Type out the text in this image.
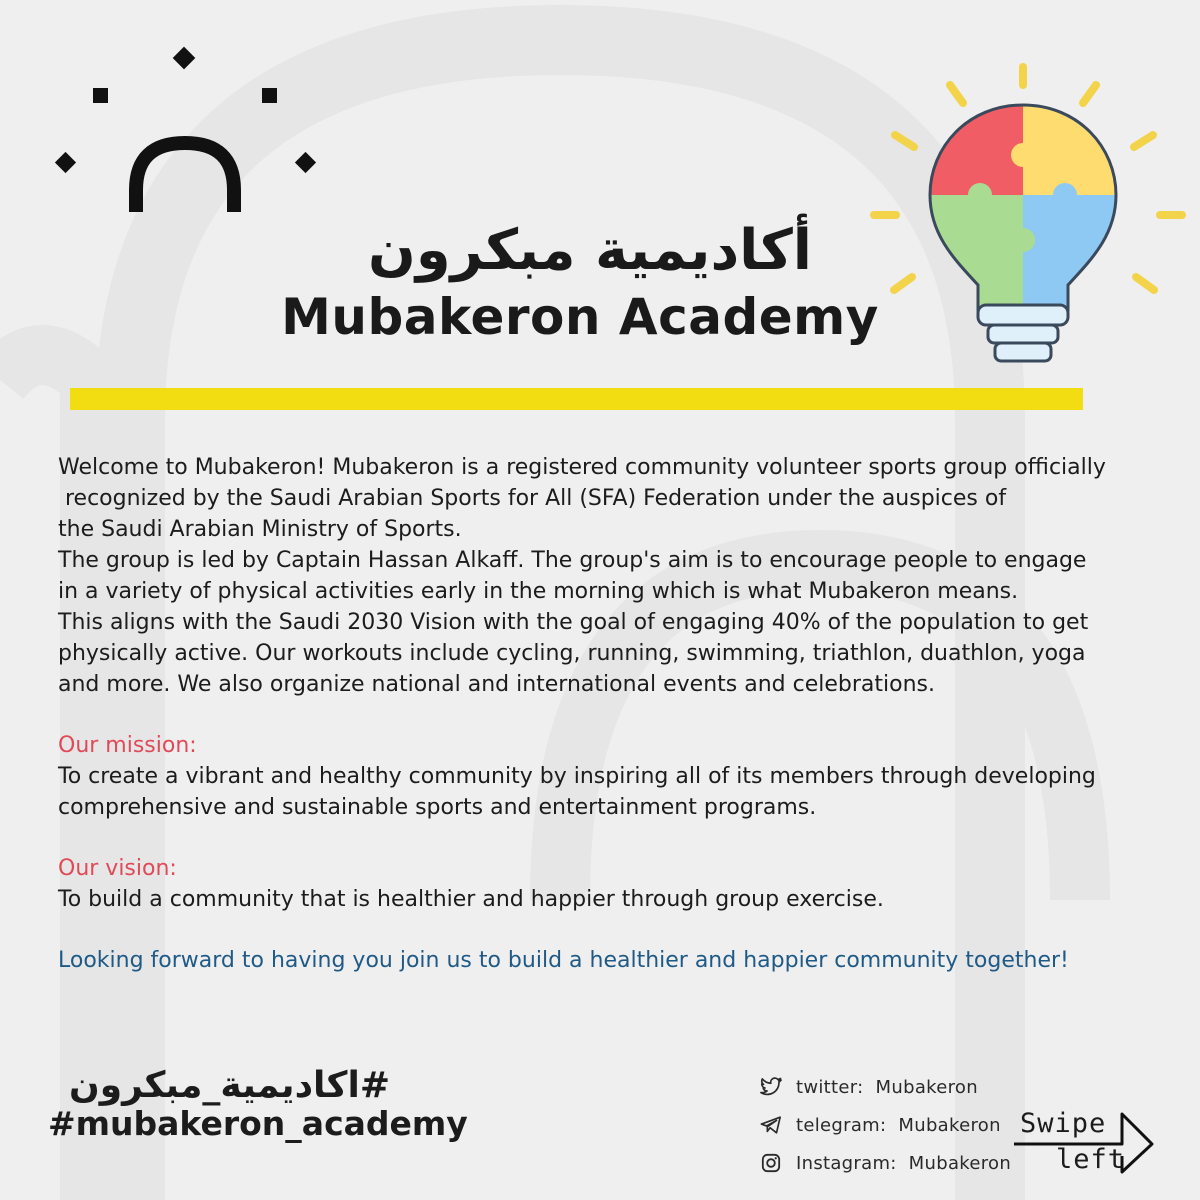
أكاديمية مبكرون
Mubakeron Academy

Welcome to Mubakeron! Mubakeron is a registered community volunteer sports group officially

recognized by the Saudi Arabian Sports for All (SFA) Federation under the auspices of

the Saudi Arabian Ministry of Sports.

The group is led by Captain Hassan Alkaff. The group's aim is to encourage people to engage

in a variety of physical activities early in the morning which is what Mubakeron means.

This aligns with the Saudi 2030 Vision with the goal of engaging 40% of the population to get

physically active. Our workouts include cycling, running, swimming, triathlon, duathlon, yoga

and more. We also organize national and international events and celebrations.

Our mission:

To create a vibrant and healthy community by inspiring all of its members through developing

comprehensive and sustainable sports and entertainment programs.

Our vision:

To build a community that is healthier and happier through group exercise.

Looking forward to having you join us to build a healthier and happier community together!

#اكاديمية_مبكرون
#mubakeron_academy
twitter:  Mubakeron
telegram:  Mubakeron
Instagram:  Mubakeron
Swipe
left
